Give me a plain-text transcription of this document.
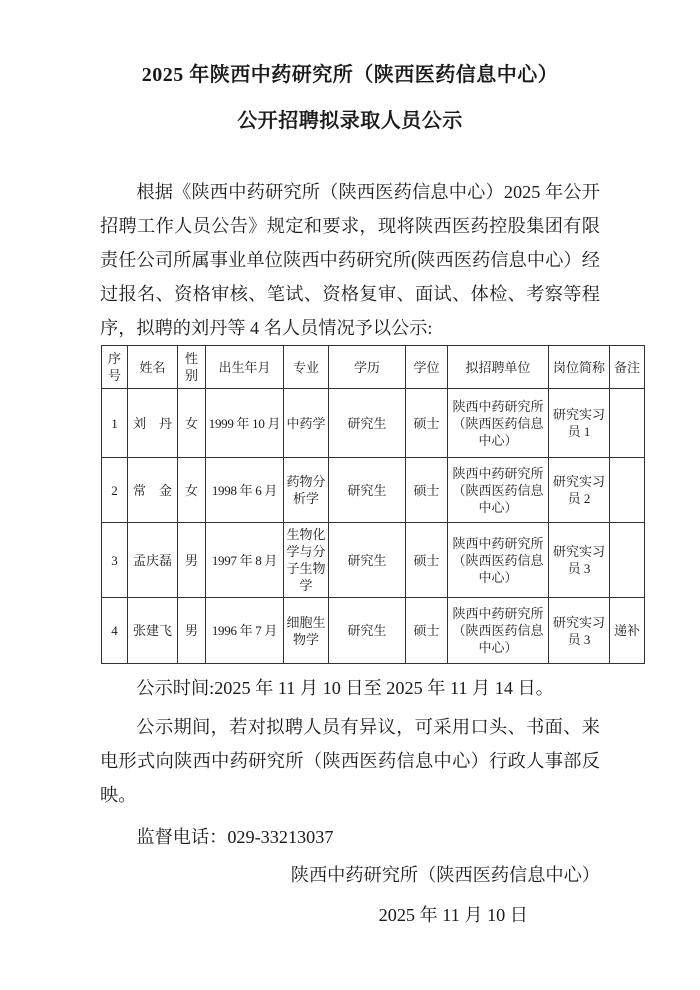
2025 年陕西中药研究所（陕西医药信息中心）
公开招聘拟录取人员公示

根据《陕西中药研究所（陕西医药信息中心）2025 年公开招聘工作人员公告》规定和要求，现将陕西医药控股集团有限责任公司所属事业单位陕西中药研究所(陕西医药信息中心）经过报名、资格审核、笔试、资格复审、面试、体检、考察等程序，拟聘的刘丹等 4 名人员情况予以公示:

序号	姓名	性别	出生年月	专业	学历	学位	拟招聘单位	岗位简称	备注
1	刘　丹	女	1999 年 10 月	中药学	研究生	硕士	陕西中药研究所（陕西医药信息中心）	研究实习员 1	
2	常　金	女	1998 年 6 月	药物分析学	研究生	硕士	陕西中药研究所（陕西医药信息中心）	研究实习员 2	
3	孟庆磊	男	1997 年 8 月	生物化学与分子生物学	研究生	硕士	陕西中药研究所（陕西医药信息中心）	研究实习员 3	
4	张建飞	男	1996 年 7 月	细胞生物学	研究生	硕士	陕西中药研究所（陕西医药信息中心）	研究实习员 3	递补

公示时间:2025 年 11 月 10 日至 2025 年 11 月 14 日。

公示期间，若对拟聘人员有异议，可采用口头、书面、来电形式向陕西中药研究所（陕西医药信息中心）行政人事部反映。

监督电话：029-33213037

陕西中药研究所（陕西医药信息中心）
2025 年 11 月 10 日
